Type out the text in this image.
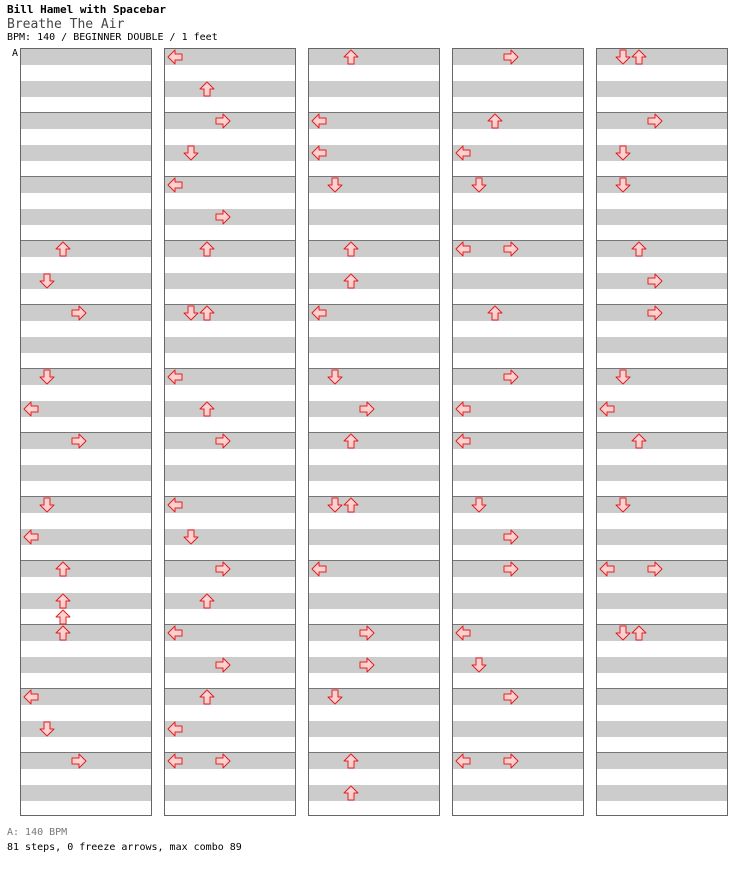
Bill Hamel with Spacebar
Breathe The Air
BPM: 140 / BEGINNER DOUBLE / 1 feet
A
A: 140 BPM
81 steps, 0 freeze arrows, max combo 89
